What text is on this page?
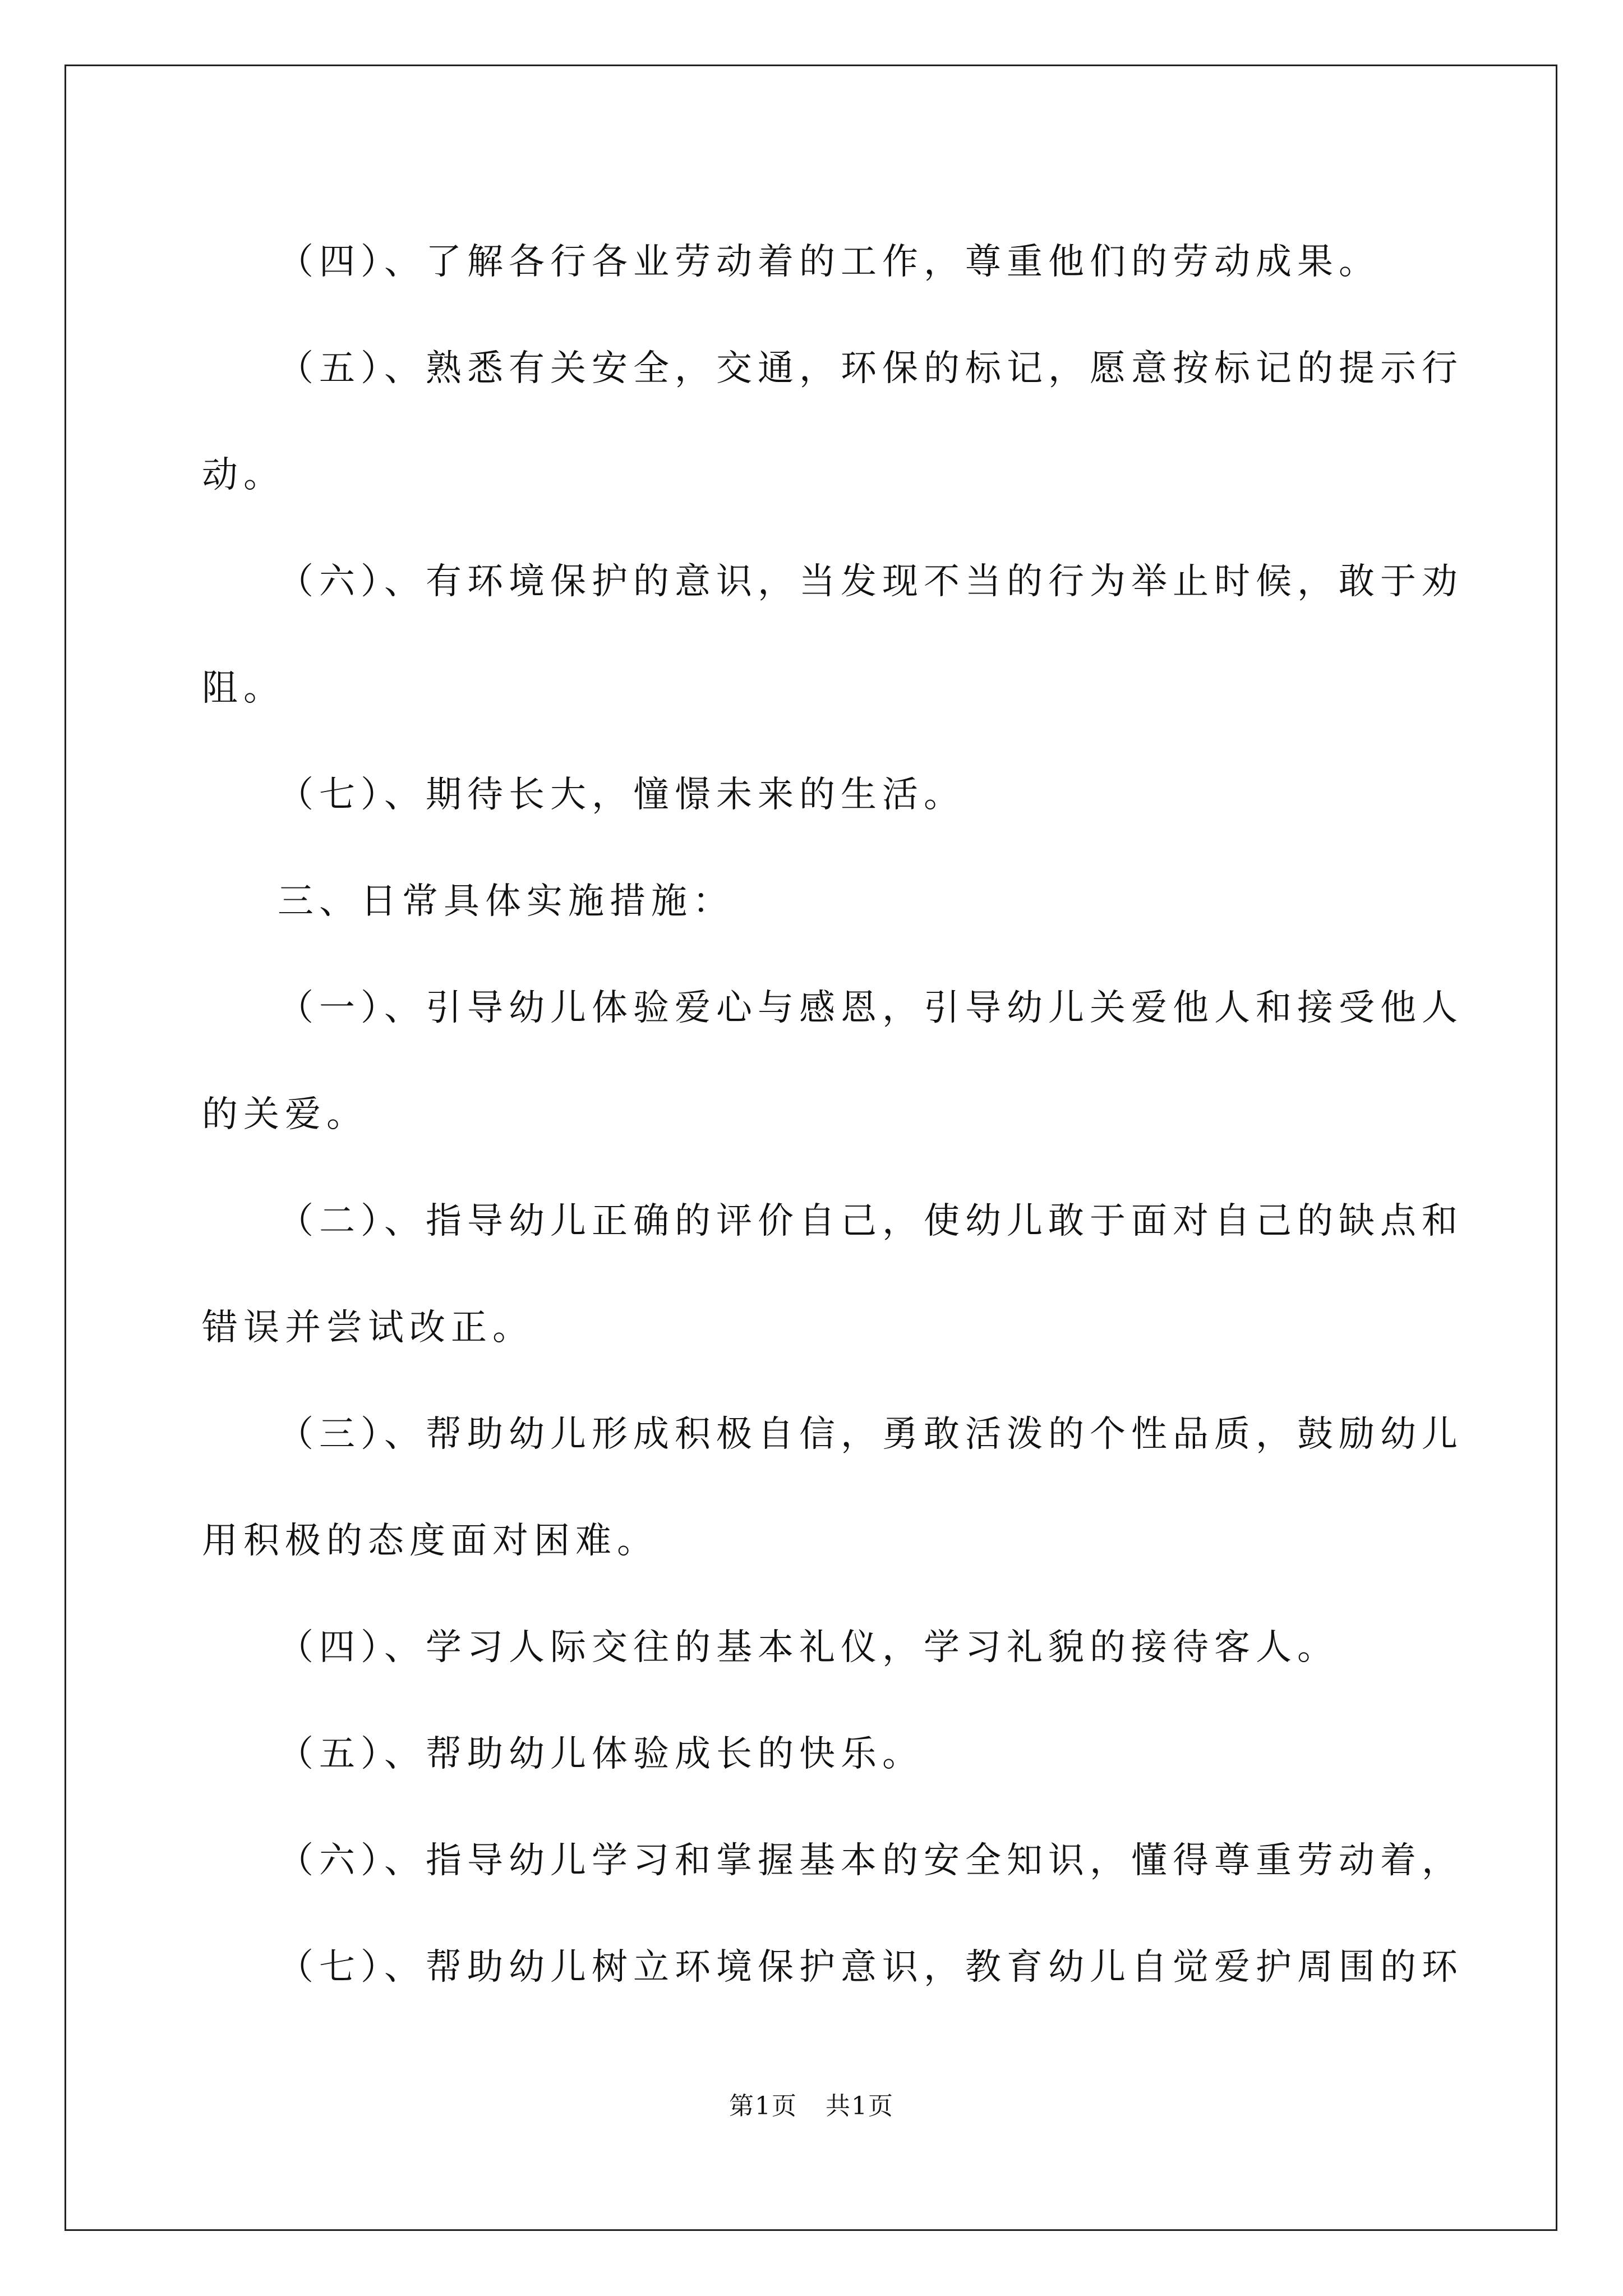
（四）、了解各行各业劳动着的工作，尊重他们的劳动成果。

（五）、熟悉有关安全，交通，环保的标记，愿意按标记的提示行
动。

（六）、有环境保护的意识，当发现不当的行为举止时候，敢于劝
阻。

（七）、期待长大，憧憬未来的生活。

三、日常具体实施措施：

（一）、引导幼儿体验爱心与感恩，引导幼儿关爱他人和接受他人
的关爱。

（二）、指导幼儿正确的评价自己，使幼儿敢于面对自己的缺点和
错误并尝试改正。

（三）、帮助幼儿形成积极自信，勇敢活泼的个性品质，鼓励幼儿
用积极的态度面对困难。

（四）、学习人际交往的基本礼仪，学习礼貌的接待客人。

（五）、帮助幼儿体验成长的快乐。

（六）、指导幼儿学习和掌握基本的安全知识，懂得尊重劳动着，

（七）、帮助幼儿树立环境保护意识，教育幼儿自觉爱护周围的环

第1页 共1页
